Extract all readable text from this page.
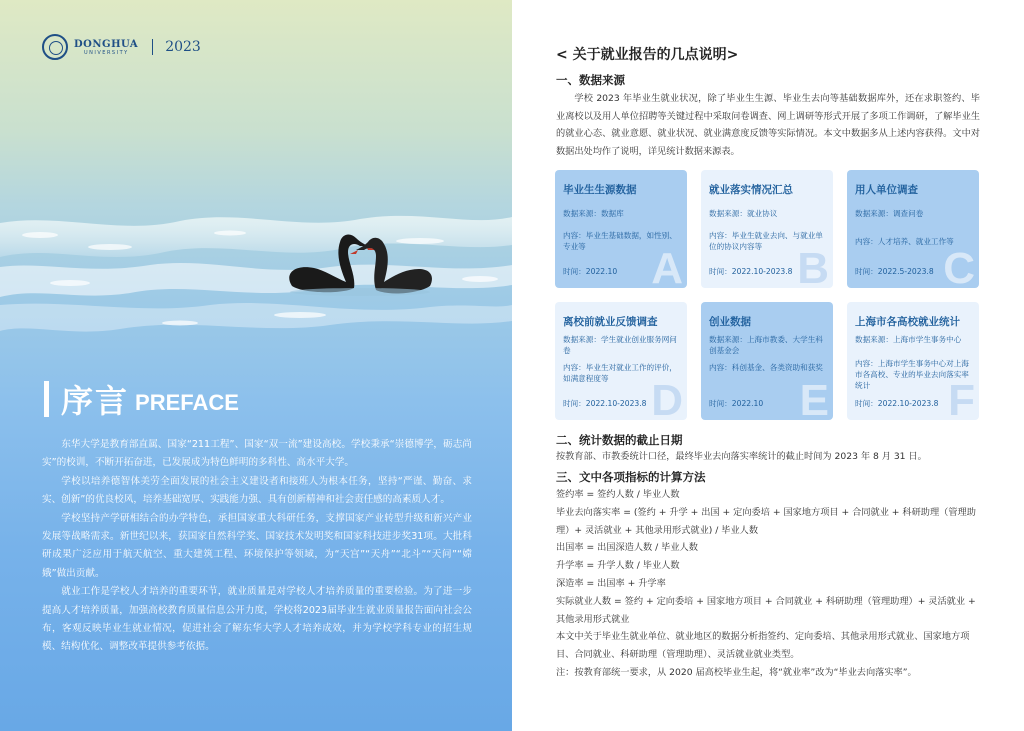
DONGHUA
UNIVERSITY	2023
序言 PREFACE

东华大学是教育部直属、国家“211工程”、国家“双一流”建设高校。学校秉承“崇德博学，砺志尚实”的校训，不断开拓奋进，已发展成为特色鲜明的多科性、高水平大学。

学校以培养德智体美劳全面发展的社会主义建设者和接班人为根本任务，坚持“严谨、勤奋、求实、创新”的优良校风，培养基础宽厚、实践能力强、具有创新精神和社会责任感的高素质人才。

学校坚持产学研相结合的办学特色，承担国家重大科研任务，支撑国家产业转型升级和新兴产业发展等战略需求。新世纪以来，获国家自然科学奖、国家技术发明奖和国家科技进步奖31项。大批科研成果广泛应用于航天航空、重大建筑工程、环境保护等领域，为“天宫”“天舟”“北斗”“天问”“嫦娥”做出贡献。

就业工作是学校人才培养的重要环节，就业质量是对学校人才培养质量的重要检验。为了进一步提高人才培养质量，加强高校教育质量信息公开力度，学校将2023届毕业生就业质量报告面向社会公布，客观反映毕业生就业情况，促进社会了解东华大学人才培养成效，并为学校学科专业的招生规模、结构优化、调整改革提供参考依据。

< 关于就业报告的几点说明>
一、数据来源
学校 2023 年毕业生就业状况，除了毕业生生源、毕业生去向等基础数据库外，还在求职签约、毕业离校以及用人单位招聘等关键过程中采取问卷调查、网上调研等形式开展了多项工作调研，了解毕业生的就业心态、就业意愿、就业状况、就业满意度反馈等实际情况。本文中数据多从上述内容获得。文中对数据出处均作了说明，详见统计数据来源表。
毕业生生源数据
数据来源：数据库
内容：毕业生基础数据，如性别、专业等
时间：2022.10 A
就业落实情况汇总
数据来源：就业协议
内容：毕业生就业去向、与就业单位的协议内容等
时间：2022.10-2023.8 B
用人单位调查
数据来源：调查问卷
内容：人才培养、就业工作等
时间：2022.5-2023.8 C
离校前就业反馈调查
数据来源：学生就业创业服务网问卷
内容：毕业生对就业工作的评价，如满意程度等
时间：2022.10-2023.8 D
创业数据
数据来源：上海市教委、大学生科创基金会
内容：科创基金、各类资助和获奖
时间：2022.10 E
上海市各高校就业统计
数据来源：上海市学生事务中心
内容：上海市学生事务中心对上海市各高校、专业的毕业去向落实率统计
时间：2022.10-2023.8 F
二、统计数据的截止日期
按教育部、市教委统计口径，最终毕业去向落实率统计的截止时间为 2023 年 8 月 31 日。
三、文中各项指标的计算方法
签约率 = 签约人数 / 毕业人数
毕业去向落实率 = (签约 + 升学 + 出国 + 定向委培 + 国家地方项目 + 合同就业 + 科研助理（管理助理）+ 灵活就业 + 其他录用形式就业) / 毕业人数
出国率 = 出国深造人数 / 毕业人数
升学率 = 升学人数 / 毕业人数
深造率 = 出国率 + 升学率
实际就业人数 = 签约 + 定向委培 + 国家地方项目 + 合同就业 + 科研助理（管理助理）+ 灵活就业 + 其他录用形式就业
本文中关于毕业生就业单位、就业地区的数据分析指签约、定向委培、其他录用形式就业、国家地方项目、合同就业、科研助理（管理助理）、灵活就业就业类型。
注：按教育部统一要求，从 2020 届高校毕业生起，将“就业率”改为“毕业去向落实率”。
